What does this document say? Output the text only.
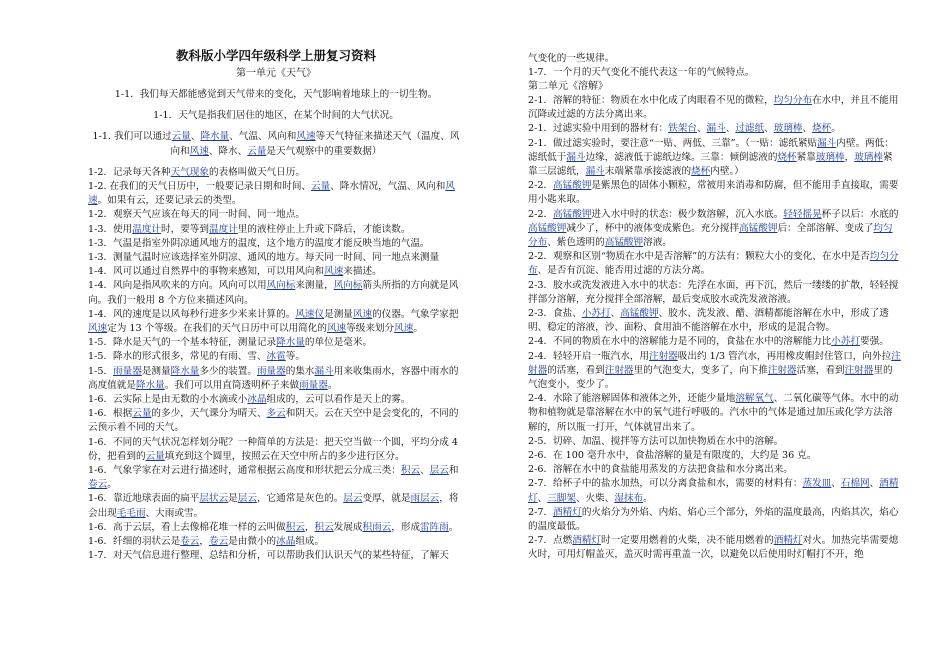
教科版小学四年级科学上册复习资料
第一单元《天气》

1-1．我们每天都能感觉到天气带来的变化，天气影响着地球上的一切生物。

1-1．天气是指我们居住的地区，在某个时间的大气状况。

1-1. 我们可以通过云量、降水量、气温、风向和风速等天气特征来描述天气（温度、风向和风速、降水、云量是天气观察中的重要数据）

1-2．记录每天各种天气现象的表格叫做天气日历。

1-2. 在我们的天气日历中，一般要记录日期和时间、云量、降水情况，气温、风向和风速。如果有云，还要记录云的类型。

1-2．观察天气应该在每天的同一时间、同一地点。

1-3．使用温度计时，要等到温度计里的液柱停止上升或下降后，才能读数。

1-3．气温是指室外阴凉通风地方的温度，这个地方的温度才能反映当地的气温。

1-3．测量气温时应该选择室外阴凉、通风的地方。每天同一时间、同一地点来测量

1-4．风可以通过自然界中的事物来感知，可以用风向和风速来描述。

1-4．风向是指风吹来的方向。风向可以用风向标来测量，风向标箭头所指的方向就是风向。我们一般用 8 个方位来描述风向。

1-4．风的速度是以风每秒行进多少米来计算的。风速仪是测量风速的仪器。气象学家把风速定为 13 个等级。在我们的天气日历中可以用简化的风速等级来划分风速。

1-5．降水是天气的一个基本特征，测量记录降水量的单位是毫米。

1-5．降水的形式很多，常见的有雨、雪、冰雹等。

1-5．雨量器是测量降水量多少的装置。雨量器的集水漏斗用来收集雨水，容器中雨水的高度值就是降水量。我们可以用直筒透明杯子来做雨量器。

1-6．云实际上是由无数的小水滴或小冰晶组成的，云可以看作是天上的雾。

1-6．根据云量的多少，天气课分为晴天、多云和阴天。云在天空中是会变化的，不同的云预示着不同的天气。

1-6．不同的天气状况怎样划分呢？一种简单的方法是：把天空当做一个圆，平均分成 4 份，把看到的云量填充到这个圆里，按照云在天空中所占的多少进行区分。

1-6．气象学家在对云进行描述时，通常根据云高度和形状把云分成三类：积云、层云和卷云。

1-6．靠近地球表面的扁平层状云是层云，它通常是灰色的。层云变厚，就是雨层云，将会出现毛毛雨、大雨或雪。

1-6．高于云层，看上去像棉花堆一样的云叫做积云，积云发展成积雨云，形成雷阵雨。

1-6．纤细的羽状云是卷云，卷云是由微小的冰晶组成。

1-7．对天气信息进行整理、总结和分析，可以帮助我们认识天气的某些特征，了解天

气变化的一些规律。

1-7．一个月的天气变化不能代表这一年的气候特点。

第二单元《溶解》

2-1．溶解的特征：物质在水中化成了肉眼看不见的微粒，均匀分布在水中，并且不能用沉降或过滤的方法分离出来。

2-1．过滤实验中用到的器材有：铁架台、漏斗、过滤纸、玻璃棒、烧杯。

2-1．做过滤实验时，要注意“一贴、两低、三靠”。（一贴：滤纸紧贴漏斗内壁。两低：滤纸低于漏斗边缘，滤液低于滤纸边缘。三靠：倾倒滤液的烧杯紧靠玻璃棒，玻璃棒紧靠三层滤纸，漏斗末端紧靠承接滤液的烧杯内壁。）

2-2．高锰酸钾是紫黑色的固体小颗粒，常被用来消毒和防腐，但不能用手直接取，需要用小匙来取。

2-2．高锰酸钾进入水中时的状态：极少数溶解，沉入水底。轻轻摇晃杯子以后：水底的高锰酸钾减少了，杯中的液体变成紫色。充分搅拌高锰酸钾后：全部溶解、变成了均匀分布、紫色透明的高锰酸钾溶液。

2-2．观察和区别“物质在水中是否溶解”的方法有：颗粒大小的变化、在水中是否均匀分布、是否有沉淀、能否用过滤的方法分离。

2-3．胶水或洗发液进入水中的状态：先浮在水面，再下沉，然后一缕缕的扩散，轻轻搅拌部分溶解，充分搅拌全部溶解，最后变成胶水或洗发液溶液。

2-3．食盐、小苏打、高锰酸钾、胶水、洗发液、醋、酒精都能溶解在水中，形成了透明、稳定的溶液，沙、面粉、食用油不能溶解在水中，形成的是混合物。

2-4．不同的物质在水中的溶解能力是不同的，食盐在水中的溶解能力比小苏打要强。

2-4．轻轻开启一瓶汽水，用注射器吸出约 1/3 管汽水，再用橡皮帽封住管口，向外拉注射器的活塞，看到注射器里的气泡变大，变多了，向下推注射器活塞，看到注射器里的气泡变小，变少了。

2-4．水除了能溶解固体和液体之外，还能少量地溶解氧气、二氧化碳等气体。水中的动物和植物就是靠溶解在水中的氧气进行呼吸的。汽水中的气体是通过加压或化学方法溶解的，所以瓶一打开，气体就冒出来了。

2-5．切碎、加温、搅拌等方法可以加快物质在水中的溶解。

2-6．在 100 毫升水中，食盐溶解的量是有限度的，大约是 36 克。

2-6．溶解在水中的食盐能用蒸发的方法把食盐和水分离出来。

2-7．给杯子中的盐水加热，可以分离食盐和水，需要的材料有：蒸发皿、石棉网、酒精灯、三脚架、火柴、湿抹布。

2-7．酒精灯的火焰分为外焰、内焰、焰心三个部分，外焰的温度最高，内焰其次，焰心的温度最低。

2-7．点燃酒精灯时一定要用燃着的火柴，决不能用燃着的酒精灯对火。加热完毕需要熄火时，可用灯帽盖灭，盖灭时需再重盖一次，以避免以后使用时灯帽打不开，绝
